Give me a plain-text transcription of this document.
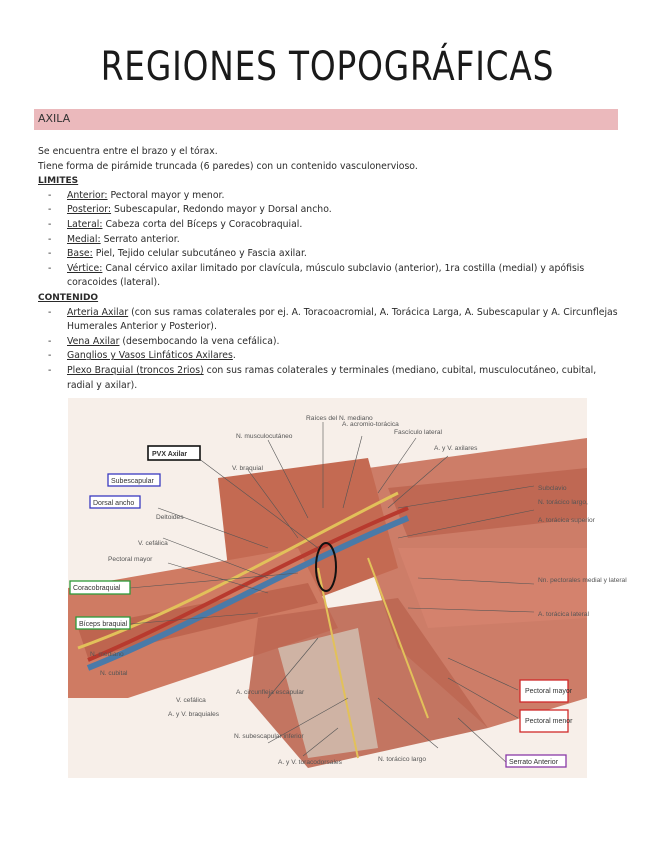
REGIONES TOPOGRÁFICAS
AXILA

Se encuentra entre el brazo y el tórax.

Tiene forma de pirámide truncada (6 paredes) con un contenido vasculonervioso.

LIMITES

- Anterior: Pectoral mayor y menor.
- Posterior: Subescapular, Redondo mayor y Dorsal ancho.
- Lateral: Cabeza corta del Bíceps y Coracobraquial.
- Medial: Serrato anterior.
- Base: Piel, Tejido celular subcutáneo y Fascia axilar.
- Vértice: Canal cérvico axilar limitado por clavícula, músculo subclavio (anterior), 1ra costilla (medial) y apófisis coracoides (lateral).

CONTENIDO

- Arteria Axilar (con sus ramas colaterales por ej. A. Toracoacromial, A. Torácica Larga, A. Subescapular y A. Circunflejas Humerales Anterior y Posterior).
- Vena Axilar (desembocando la vena cefálica).
- Ganglios y Vasos Linfáticos Axilares.
- Plexo Braquial (troncos 2rios) con sus ramas colaterales y terminales (mediano, cubital, musculocutáneo, cubital, radial y axilar).
Raíces del N. mediano
N. musculocutáneo
A. acromio-torácica
Fascículo lateral
A. y V. axilares
V. braquial
Subclavio
N. torácico largo,
A. torácica superior
Nn. pectorales medial y lateral
A. torácica lateral
Deltoides
V. cefálica
Pectoral mayor
N. mediano
N. cubital
V. cefálica
A. y V. braquiales
A. circunfleja escapular
N. subescapular inferior
A. y V. toracodorsales	N. torácico largo
PVX Axilar
Subescapular
Dorsal ancho
Coracobraquial
Bíceps braquial
Pectoral mayor
Pectoral menor
Serrato Anterior
